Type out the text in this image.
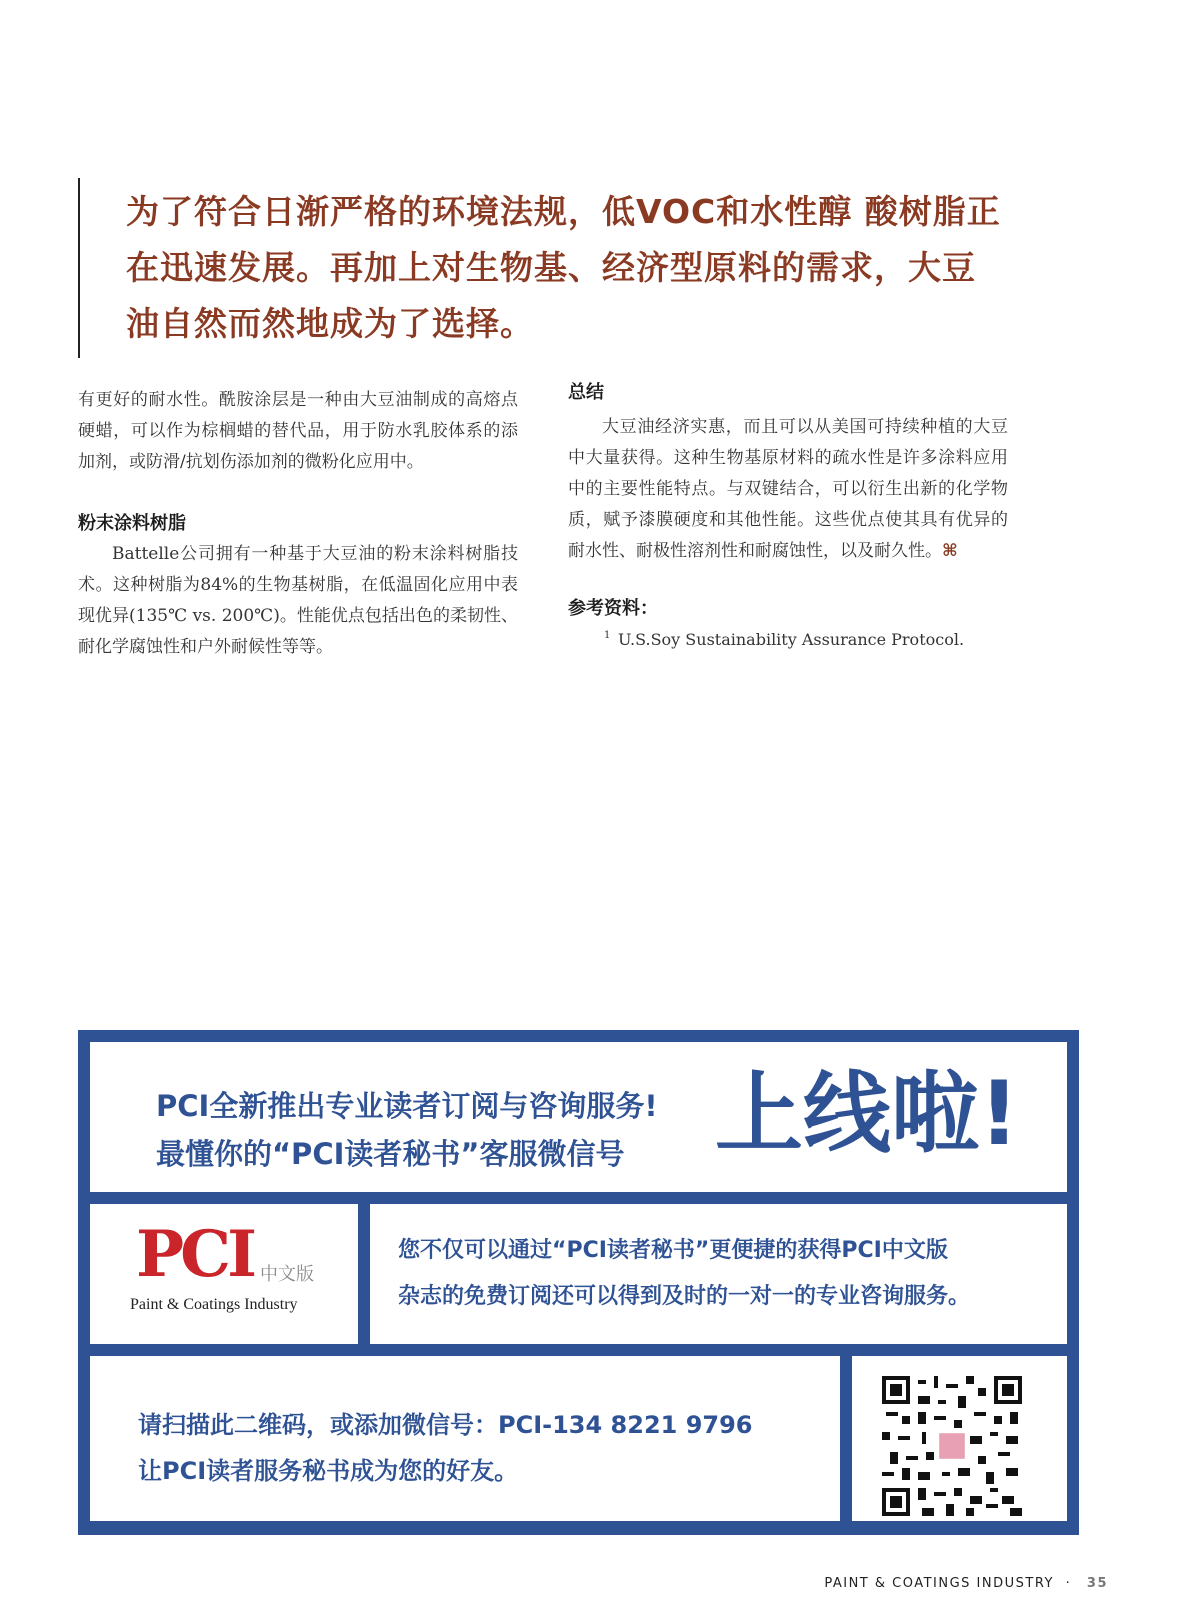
为了符合日渐严格的环境法规，低VOC和水性醇 酸树脂正

在迅速发展。再加上对生物基、经济型原料的需求，大豆

油自然而然地成为了选择。

有更好的耐水性。酰胺涂层是一种由大豆油制成的高熔点硬蜡，可以作为棕榈蜡的替代品，用于防水乳胶体系的添加剂，或防滑/抗划伤添加剂的微粉化应用中。

粉末涂料树脂

Battelle公司拥有一种基于大豆油的粉末涂料树脂技术。这种树脂为84%的生物基树脂，在低温固化应用中表现优异(135℃ vs. 200℃)。性能优点包括出色的柔韧性、耐化学腐蚀性和户外耐候性等等。

总结

大豆油经济实惠，而且可以从美国可持续种植的大豆中大量获得。这种生物基原材料的疏水性是许多涂料应用中的主要性能特点。与双键结合，可以衍生出新的化学物质，赋予漆膜硬度和其他性能。这些优点使其具有优异的耐水性、耐极性溶剂性和耐腐蚀性，以及耐久性。⌘

参考资料：

1 U.S.Soy Sustainability Assurance Protocol.

PCI全新推出专业读者订阅与咨询服务!
最懂你的“PCI读者秘书”客服微信号	上线啦!
PCI 中文版
Paint & Coatings Industry
您不仅可以通过“PCI读者秘书”更便捷的获得PCI中文版
杂志的免费订阅还可以得到及时的一对一的专业咨询服务。
请扫描此二维码，或添加微信号：PCI-134 8221 9796
让PCI读者服务秘书成为您的好友。
PAINT & COATINGS INDUSTRY · 35
